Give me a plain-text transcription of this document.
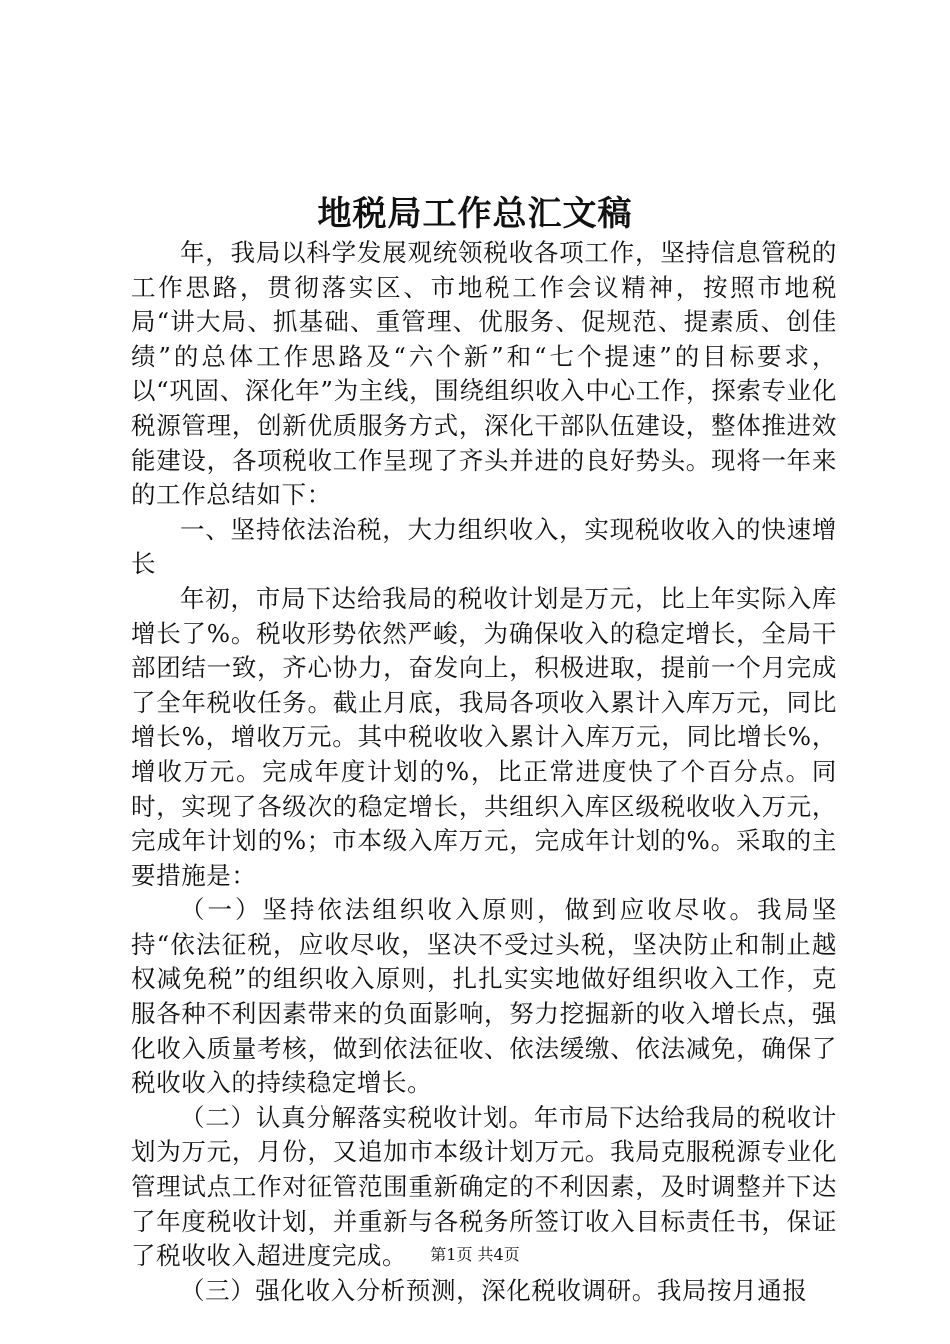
地税局工作总汇文稿

年，我局以科学发展观统领税收各项工作，坚持信息管税的工作思路，贯彻落实区、市地税工作会议精神，按照市地税局“讲大局、抓基础、重管理、优服务、促规范、提素质、创佳绩”的总体工作思路及“六个新”和“七个提速”的目标要求，以“巩固、深化年”为主线，围绕组织收入中心工作，探索专业化税源管理，创新优质服务方式，深化干部队伍建设，整体推进效能建设，各项税收工作呈现了齐头并进的良好势头。现将一年来的工作总结如下：

一、坚持依法治税，大力组织收入，实现税收收入的快速增长

年初，市局下达给我局的税收计划是万元，比上年实际入库增长了%。税收形势依然严峻，为确保收入的稳定增长，全局干部团结一致，齐心协力，奋发向上，积极进取，提前一个月完成了全年税收任务。截止月底，我局各项收入累计入库万元，同比增长%，增收万元。其中税收收入累计入库万元，同比增长%，增收万元。完成年度计划的%，比正常进度快了个百分点。同时，实现了各级次的稳定增长，共组织入库区级税收收入万元，完成年计划的%；市本级入库万元，完成年计划的%。采取的主要措施是：

（一）坚持依法组织收入原则，做到应收尽收。我局坚持“依法征税，应收尽收，坚决不受过头税，坚决防止和制止越权减免税”的组织收入原则，扎扎实实地做好组织收入工作，克服各种不利因素带来的负面影响，努力挖掘新的收入增长点，强化收入质量考核，做到依法征收、依法缓缴、依法减免，确保了税收收入的持续稳定增长。

（二）认真分解落实税收计划。年市局下达给我局的税收计划为万元，月份，又追加市本级计划万元。我局克服税源专业化管理试点工作对征管范围重新确定的不利因素，及时调整并下达了年度税收计划，并重新与各税务所签订收入目标责任书，保证了税收收入超进度完成。

（三）强化收入分析预测，深化税收调研。我局按月通报

第1页 共4页
